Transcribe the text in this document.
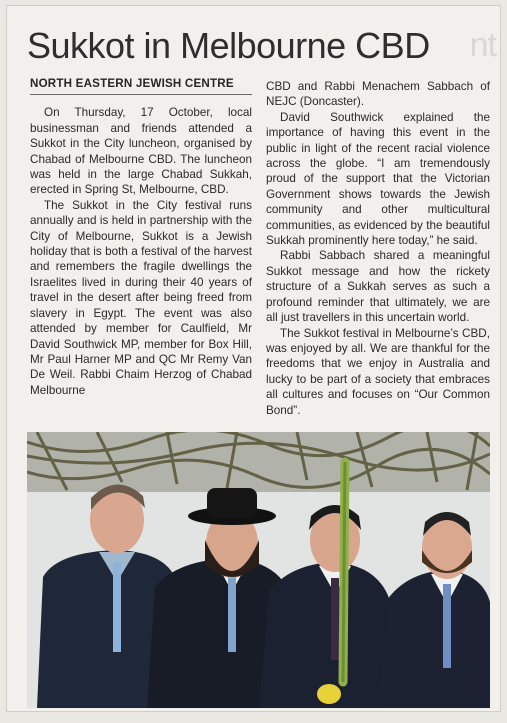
nt
Sukkot in Melbourne CBD
NORTH EASTERN JEWISH CENTRE

On Thursday, 17 October, local businessman and friends attended a Sukkot in the City luncheon, organised by Chabad of Melbourne CBD. The luncheon was held in the large Chabad Sukkah, erected in Spring St, Melbourne, CBD.

The Sukkot in the City festival runs annually and is held in partnership with the City of Melbourne, Sukkot is a Jewish holiday that is both a festival of the harvest and remembers the fragile dwellings the Israelites lived in during their 40 years of travel in the desert after being freed from slavery in Egypt. The event was also attended by member for Caulfield, Mr David Southwick MP, member for Box Hill, Mr Paul Harner MP and QC Mr Remy Van De Weil. Rabbi Chaim Herzog of Chabad Melbourne

CBD and Rabbi Menachem Sabbach of NEJC (Doncaster).

David Southwick explained the importance of having this event in the public in light of the recent racial violence across the globe. “I am tremendously proud of the support that the Victorian Government shows towards the Jewish community and other multicultural communities, as evidenced by the beautiful Sukkah prominently here today,” he said.

Rabbi Sabbach shared a meaningful Sukkot message and how the rickety structure of a Sukkah serves as such a profound reminder that ultimately, we are all just travellers in this uncertain world.

The Sukkot festival in Melbourne’s CBD, was enjoyed by all. We are thankful for the freedoms that we enjoy in Australia and lucky to be part of a society that embraces all cultures and focuses on “Our Common Bond”.
